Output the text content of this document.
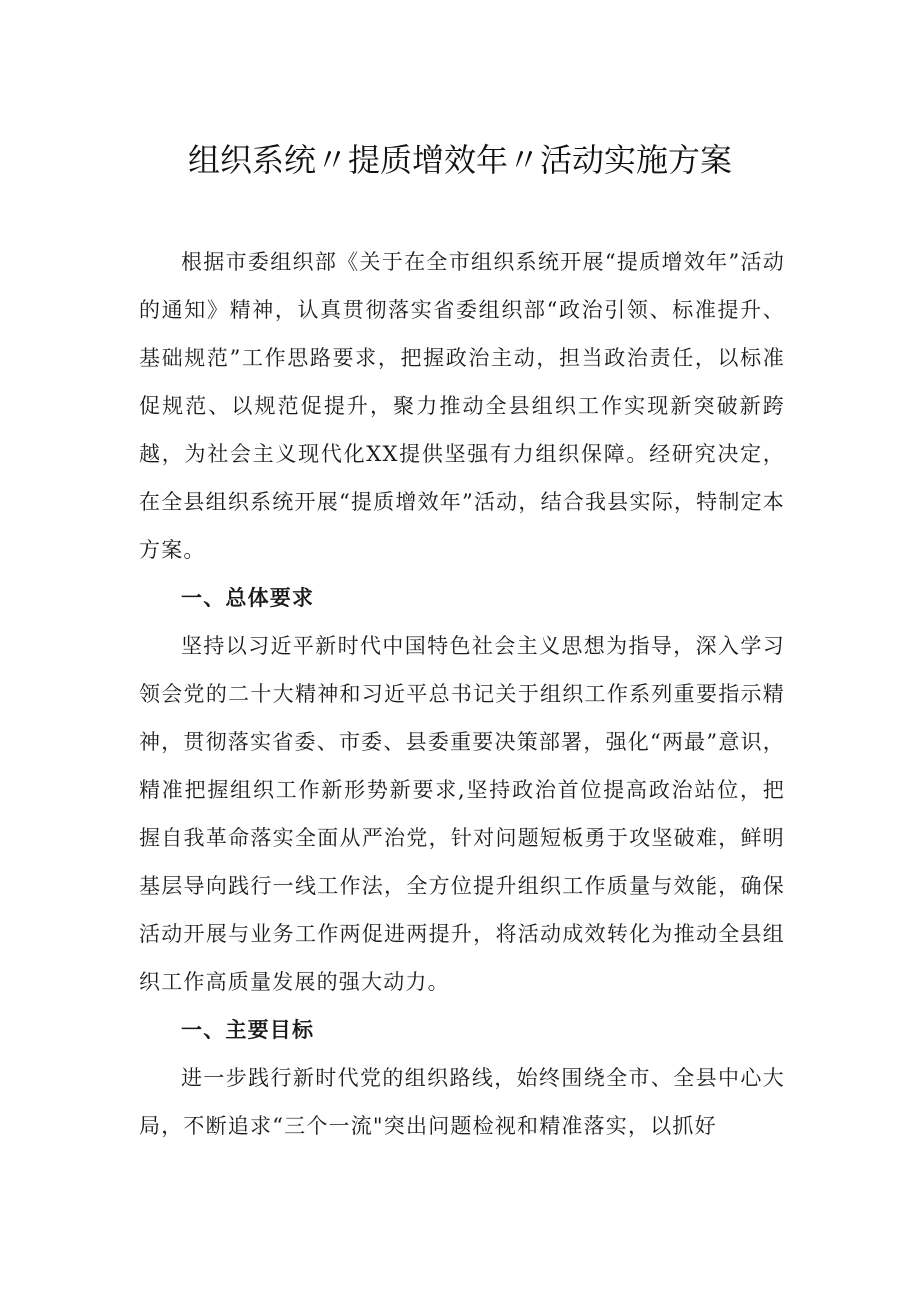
组织系统〃提质增效年〃活动实施方案

根据市委组织部《关于在全市组织系统开展“提质增效年”活动的通知》精神，认真贯彻落实省委组织部“政治引领、标准提升、基础规范”工作思路要求，把握政治主动，担当政治责任，以标准促规范、以规范促提升，聚力推动全县组织工作实现新突破新跨越，为社会主义现代化XX提供坚强有力组织保障。经研究决定，在全县组织系统开展“提质增效年”活动，结合我县实际，特制定本方案。

一、总体要求

坚持以习近平新时代中国特色社会主义思想为指导，深入学习领会党的二十大精神和习近平总书记关于组织工作系列重要指示精神，贯彻落实省委、市委、县委重要决策部署，强化“两最”意识，精准把握组织工作新形势新要求,坚持政治首位提高政治站位，把握自我革命落实全面从严治党，针对问题短板勇于攻坚破难，鲜明基层导向践行一线工作法，全方位提升组织工作质量与效能，确保活动开展与业务工作两促进两提升，将活动成效转化为推动全县组织工作高质量发展的强大动力。

一、主要目标

进一步践行新时代党的组织路线，始终围绕全市、全县中心大局，不断追求“三个一流"突出问题检视和精准落实，以抓好
